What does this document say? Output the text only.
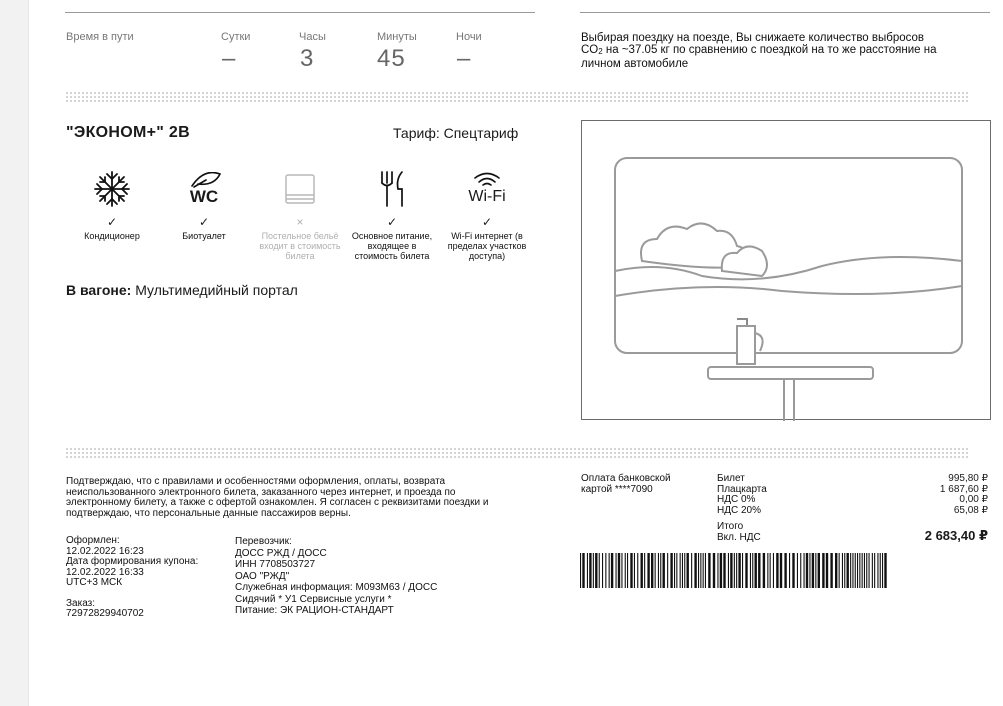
Время в пути	Сутки
–
Часы
3
Минуты
45
Ночи
–
Выбирая поездку на поезде, Вы снижаете количество выбросов
$CO_2$ на ~37.05 кг по сравнению с поездкой на то же расстояние на
личном автомобиле
"ЭКОНОМ+" 2В	Тариф: Спецтариф
✓
Кондиционер
WC
✓
Биотуалет
×
Постельное бельё входит в стоимость билета
✓
Основное питание, входящее в стоимость билета
Wi-Fi
✓
Wi-Fi интернет (в пределах участков доступа)
В вагоне: Мультимедийный портал
Подтверждаю, что с правилами и особенностями оформления, оплаты, возврата неиспользованного электронного билета, заказанного через интернет, и проезда по электронному билету, а также с офертой ознакомлен. Я согласен с реквизитами поездки и подтверждаю, что персональные данные пассажиров верны.
Оформлен:
12.02.2022 16:23
Дата формирования купона:
12.02.2022 16:33
UTC+3 МСК
Заказ:
72972829940702
Перевозчик:
ДОСС РЖД / ДОСС
ИНН 7708503727
ОАО "РЖД"
Служебная информация: М093М63 / ДОСС
Сидячий * У1 Сервисные услуги *
Питание: ЭК РАЦИОН-СТАНДАРТ
Оплата банковской
картой ****7090
Билет
Плацкарта
НДС 0%
НДС 20%
Итого
Вкл. НДС
995,80 ₽
1 687,60 ₽
0,00 ₽
65,08 ₽
2 683,40 ₽
